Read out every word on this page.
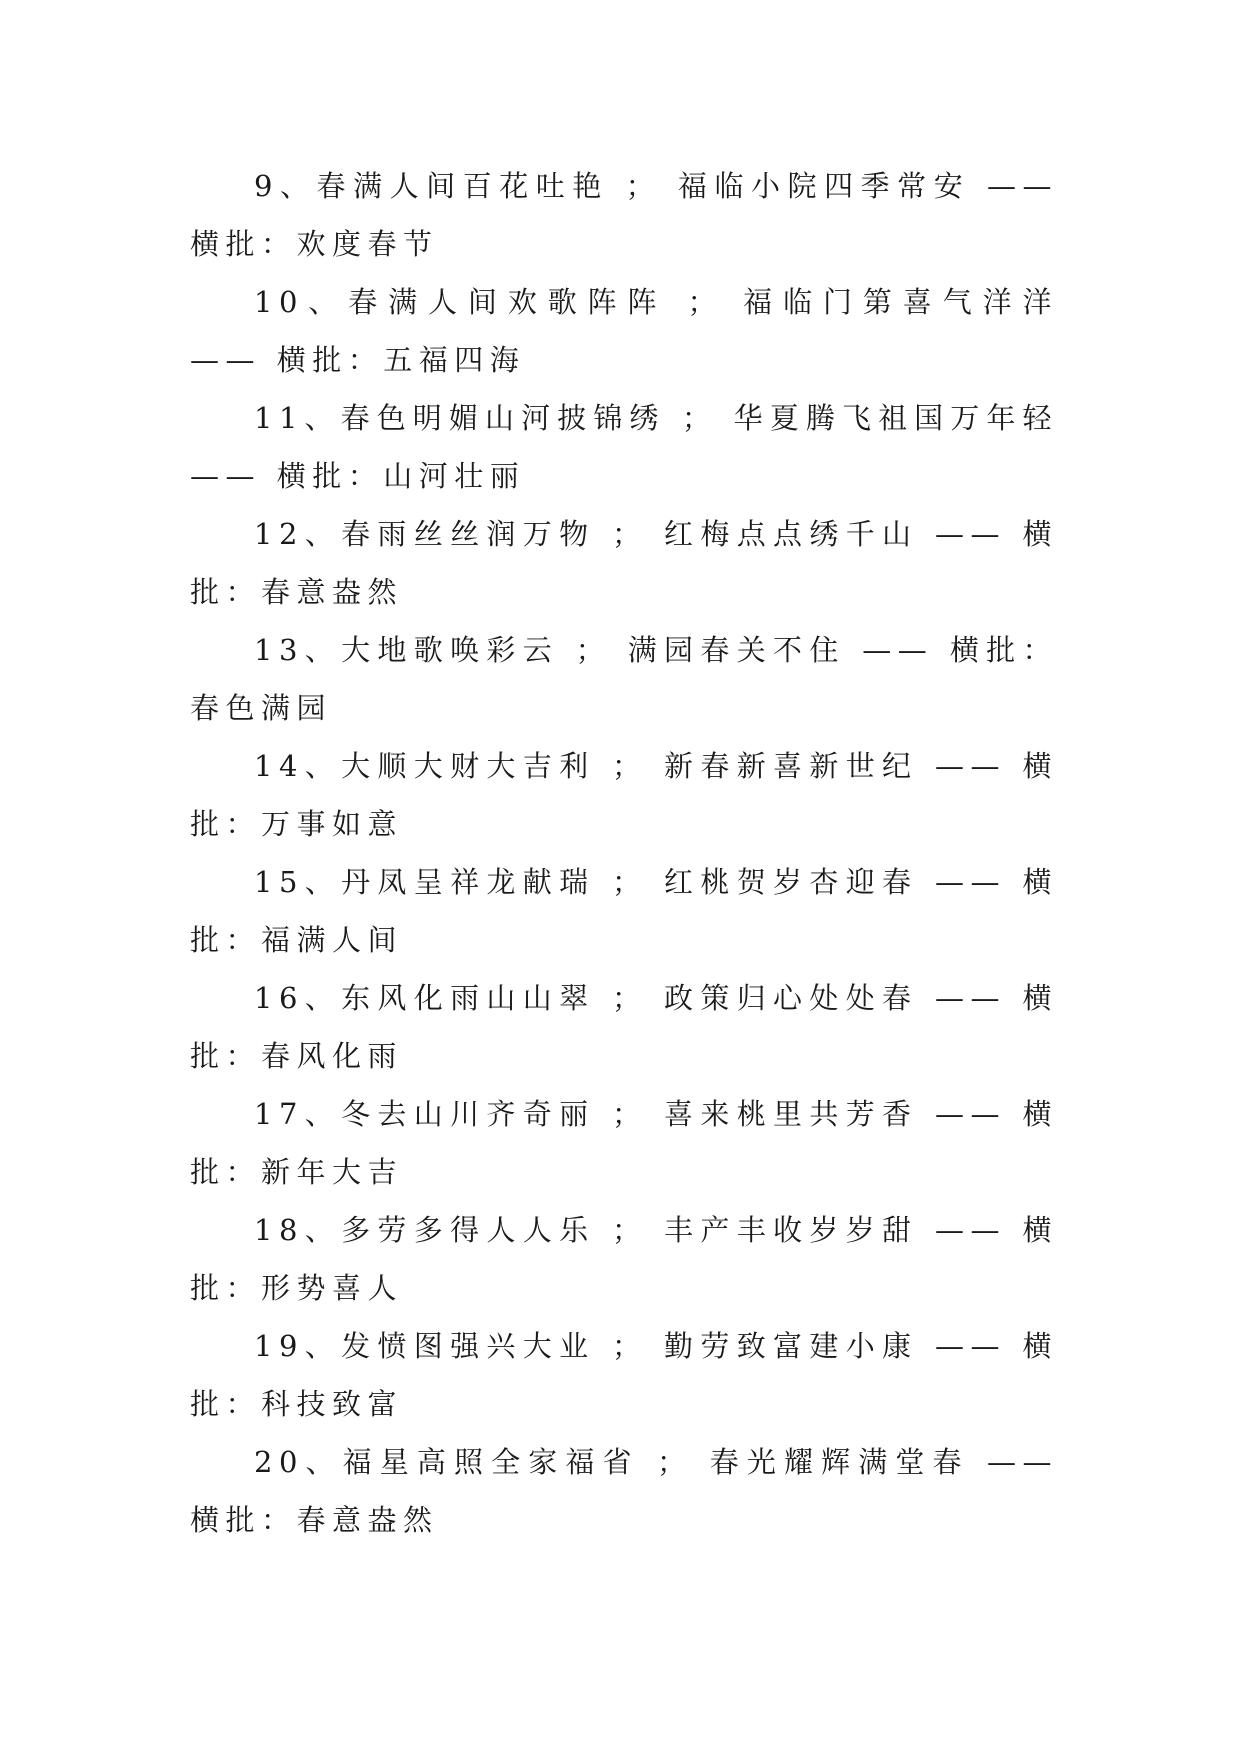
9、春满人间百花吐艳 ； 福临小院四季常安 —— 横批：欢度春节

10、春满人间欢歌阵阵 ； 福临门第喜气洋洋 —— 横批：五福四海

11、春色明媚山河披锦绣 ； 华夏腾飞祖国万年轻 —— 横批：山河壮丽

12、春雨丝丝润万物 ； 红梅点点绣千山 —— 横批：春意盎然

13、大地歌唤彩云 ； 满园春关不住 —— 横批：春色满园

14、大顺大财大吉利 ； 新春新喜新世纪 —— 横批：万事如意

15、丹凤呈祥龙献瑞 ； 红桃贺岁杏迎春 —— 横批：福满人间

16、东风化雨山山翠 ； 政策归心处处春 —— 横批：春风化雨

17、冬去山川齐奇丽 ； 喜来桃里共芳香 —— 横批：新年大吉

18、多劳多得人人乐 ； 丰产丰收岁岁甜 —— 横批：形势喜人

19、发愤图强兴大业 ； 勤劳致富建小康 —— 横批：科技致富

20、福星高照全家福省 ； 春光耀辉满堂春 —— 横批：春意盎然
